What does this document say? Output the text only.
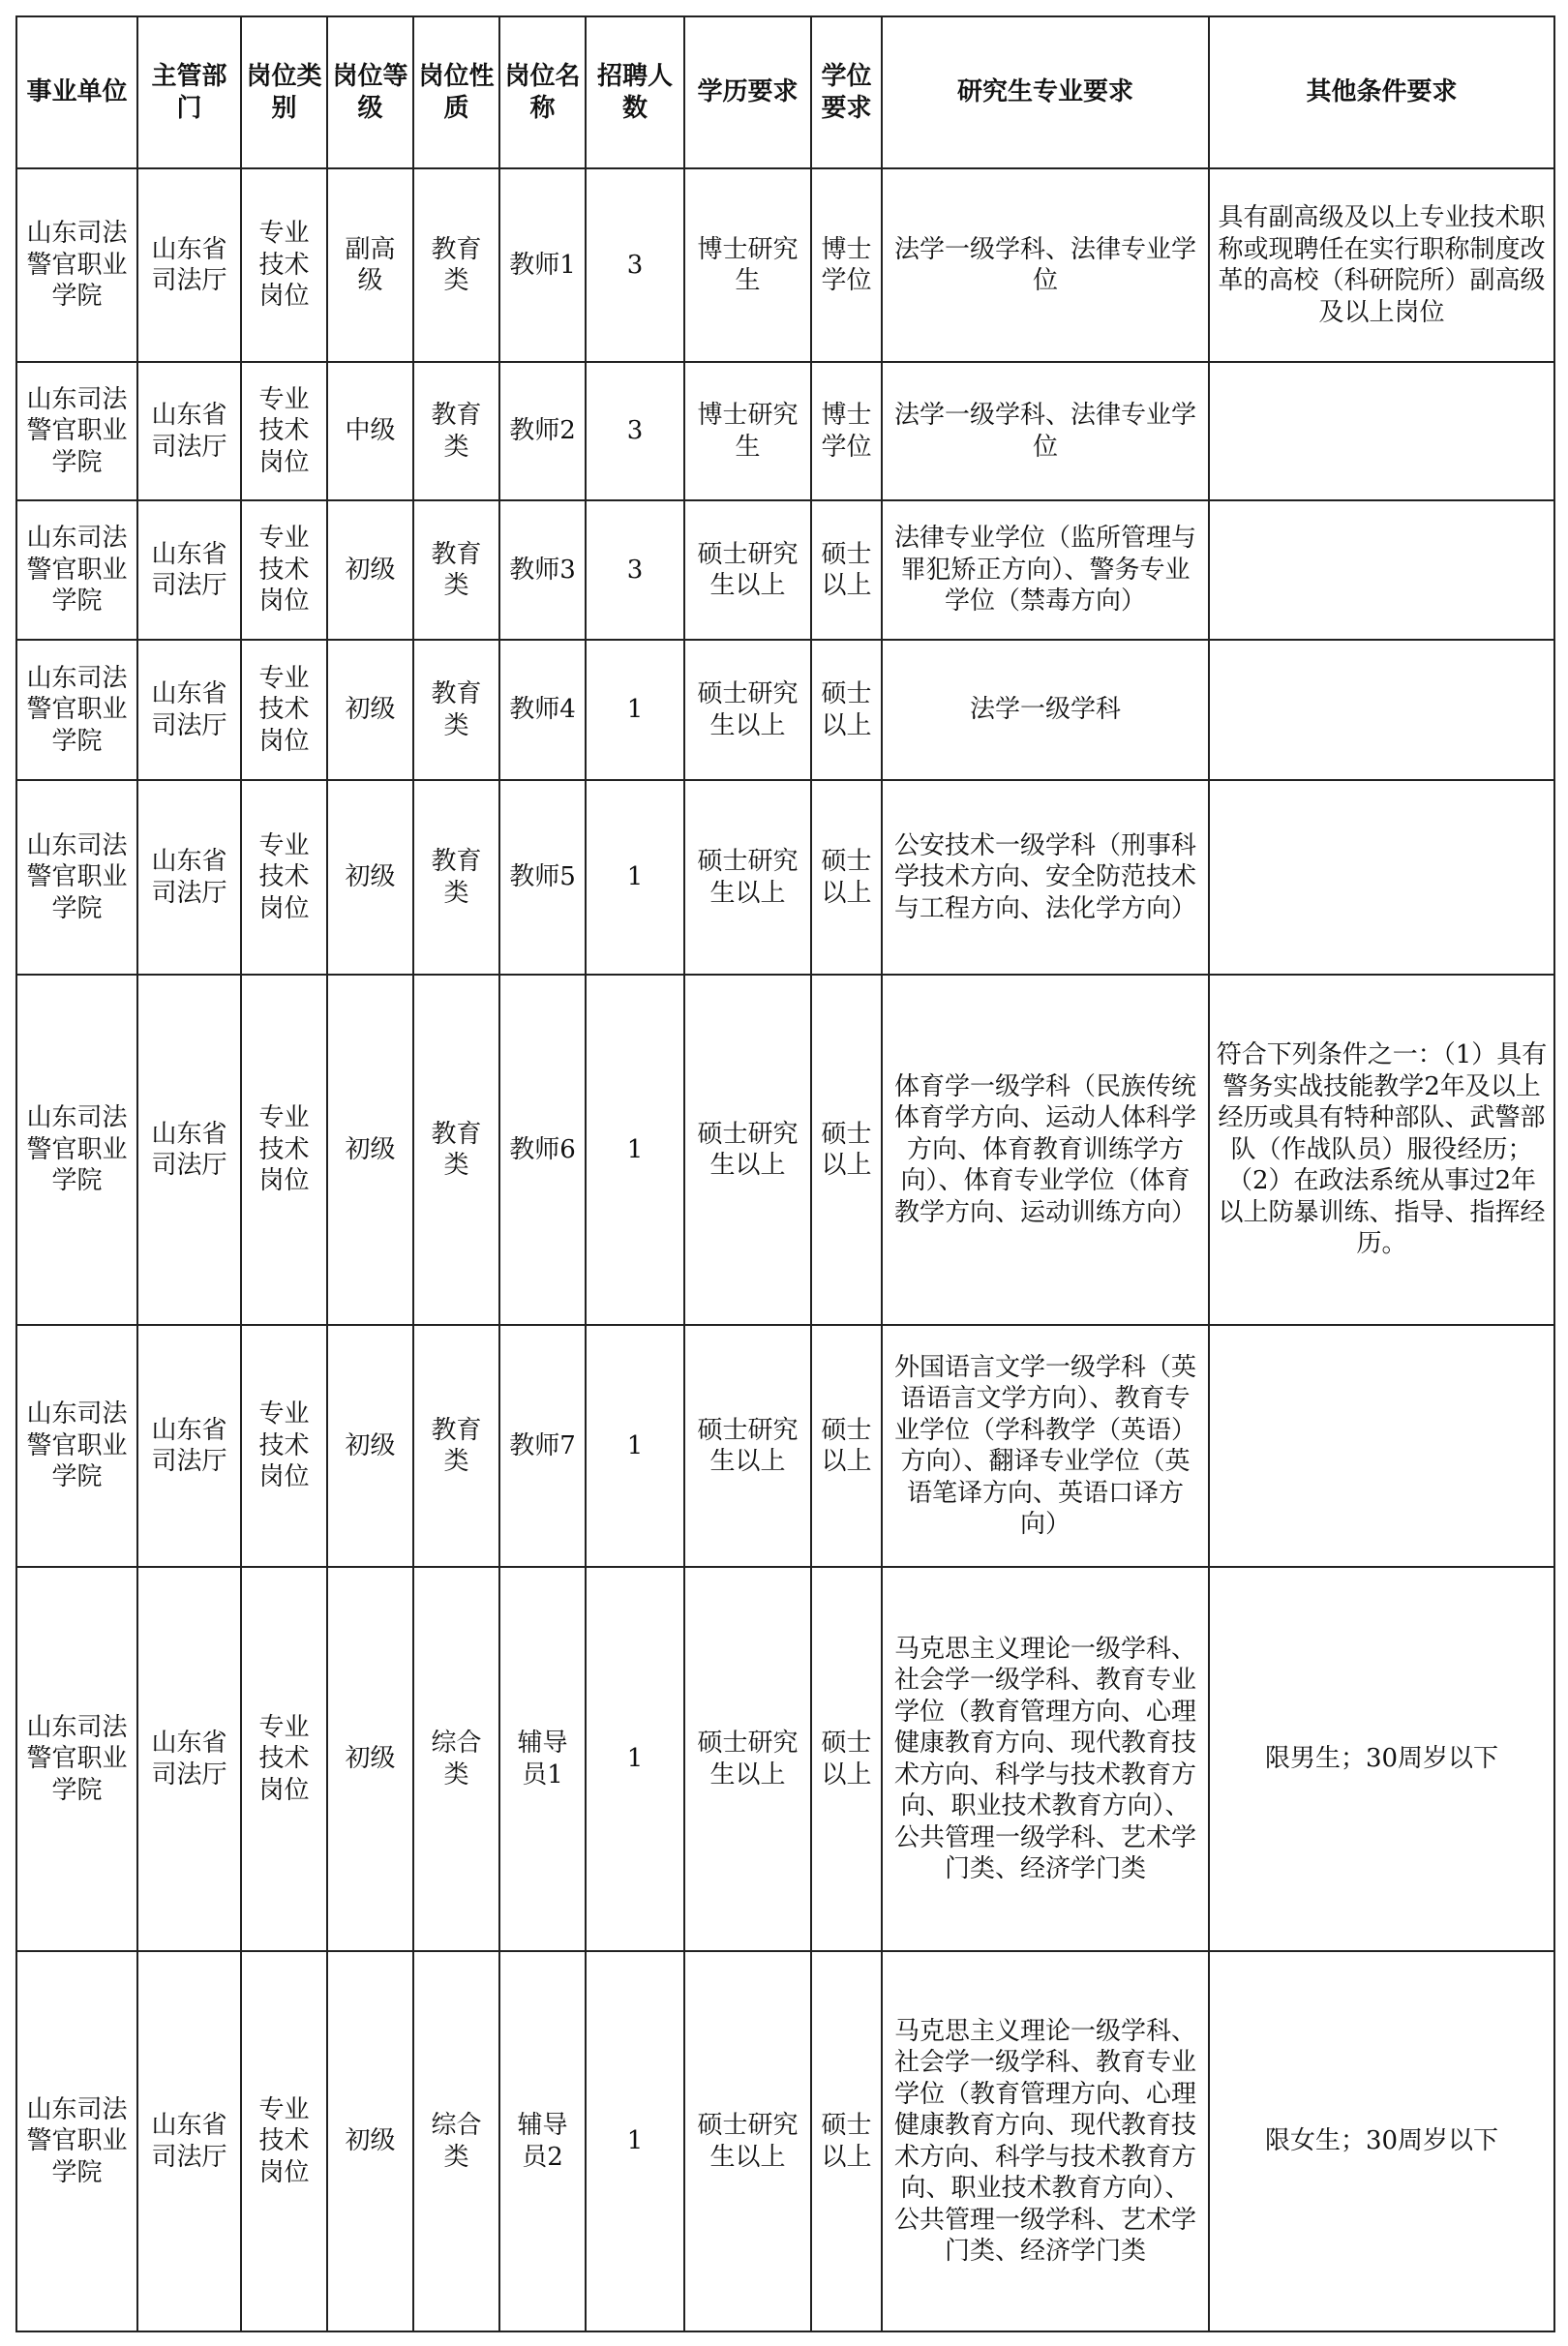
事业单位	主管部门	岗位类别	岗位等级	岗位性质	岗位名称	招聘人数	学历要求	学位要求	研究生专业要求	其他条件要求
山东司法警官职业学院	山东省司法厅	专业技术岗位	副高级	教育类	教师1	3	博士研究生	博士学位	法学一级学科、法律专业学位	具有副高级及以上专业技术职称或现聘任在实行职称制度改革的高校（科研院所）副高级及以上岗位
山东司法警官职业学院	山东省司法厅	专业技术岗位	中级	教育类	教师2	3	博士研究生	博士学位	法学一级学科、法律专业学位	
山东司法警官职业学院	山东省司法厅	专业技术岗位	初级	教育类	教师3	3	硕士研究生以上	硕士以上	法律专业学位（监所管理与罪犯矫正方向）、警务专业学位（禁毒方向）	
山东司法警官职业学院	山东省司法厅	专业技术岗位	初级	教育类	教师4	1	硕士研究生以上	硕士以上	法学一级学科	
山东司法警官职业学院	山东省司法厅	专业技术岗位	初级	教育类	教师5	1	硕士研究生以上	硕士以上	公安技术一级学科（刑事科学技术方向、安全防范技术与工程方向、法化学方向）	
山东司法警官职业学院	山东省司法厅	专业技术岗位	初级	教育类	教师6	1	硕士研究生以上	硕士以上	体育学一级学科（民族传统体育学方向、运动人体科学方向、体育教育训练学方向）、体育专业学位（体育教学方向、运动训练方向）	符合下列条件之一：（1）具有警务实战技能教学2年及以上经历或具有特种部队、武警部队（作战队员）服役经历；（2）在政法系统从事过2年以上防暴训练、指导、指挥经历。
山东司法警官职业学院	山东省司法厅	专业技术岗位	初级	教育类	教师7	1	硕士研究生以上	硕士以上	外国语言文学一级学科（英语语言文学方向）、教育专业学位（学科教学（英语）方向）、翻译专业学位（英语笔译方向、英语口译方向）	
山东司法警官职业学院	山东省司法厅	专业技术岗位	初级	综合类	辅导员1	1	硕士研究生以上	硕士以上	马克思主义理论一级学科、社会学一级学科、教育专业学位（教育管理方向、心理健康教育方向、现代教育技术方向、科学与技术教育方向、职业技术教育方向）、公共管理一级学科、艺术学门类、经济学门类	限男生；30周岁以下
山东司法警官职业学院	山东省司法厅	专业技术岗位	初级	综合类	辅导员2	1	硕士研究生以上	硕士以上	马克思主义理论一级学科、社会学一级学科、教育专业学位（教育管理方向、心理健康教育方向、现代教育技术方向、科学与技术教育方向、职业技术教育方向）、公共管理一级学科、艺术学门类、经济学门类	限女生；30周岁以下
